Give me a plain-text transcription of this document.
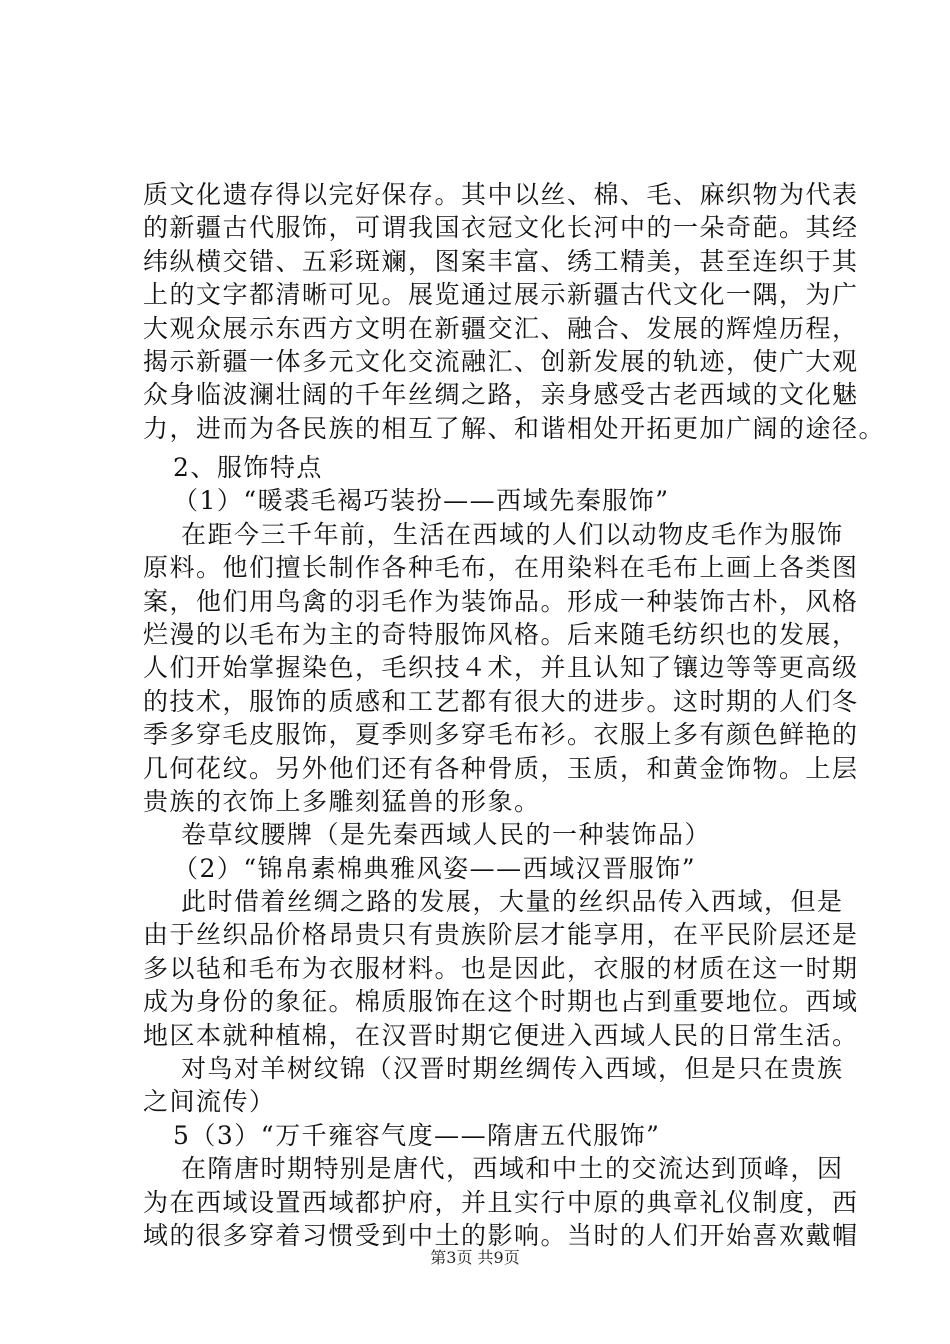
质文化遗存得以完好保存。其中以丝、棉、毛、麻织物为代表
的新疆古代服饰，可谓我国衣冠文化长河中的一朵奇葩。其经
纬纵横交错、五彩斑斓，图案丰富、绣工精美，甚至连织于其
上的文字都清晰可见。展览通过展示新疆古代文化一隅，为广
大观众展示东西方文明在新疆交汇、融合、发展的辉煌历程，
揭示新疆一体多元文化交流融汇、创新发展的轨迹，使广大观
众身临波澜壮阔的千年丝绸之路，亲身感受古老西域的文化魅
力，进而为各民族的相互了解、和谐相处开拓更加广阔的途径。
2、服饰特点
（1）“暖裘毛褐巧装扮——西域先秦服饰”
在距今三千年前，生活在西域的人们以动物皮毛作为服饰
原料。他们擅长制作各种毛布，在用染料在毛布上画上各类图
案，他们用鸟禽的羽毛作为装饰品。形成一种装饰古朴，风格
烂漫的以毛布为主的奇特服饰风格。后来随毛纺织也的发展，
人们开始掌握染色，毛织技４术，并且认知了镶边等等更高级
的技术，服饰的质感和工艺都有很大的进步。这时期的人们冬
季多穿毛皮服饰，夏季则多穿毛布衫。衣服上多有颜色鲜艳的
几何花纹。另外他们还有各种骨质，玉质，和黄金饰物。上层
贵族的衣饰上多雕刻猛兽的形象。
卷草纹腰牌（是先秦西域人民的一种装饰品）
（2）“锦帛素棉典雅风姿——西域汉晋服饰”
此时借着丝绸之路的发展，大量的丝织品传入西域，但是
由于丝织品价格昂贵只有贵族阶层才能享用，在平民阶层还是
多以毡和毛布为衣服材料。也是因此，衣服的材质在这一时期
成为身份的象征。棉质服饰在这个时期也占到重要地位。西域
地区本就种植棉，在汉晋时期它便进入西域人民的日常生活。
对鸟对羊树纹锦（汉晋时期丝绸传入西域，但是只在贵族
之间流传）
5（3）“万千雍容气度——隋唐五代服饰”
在隋唐时期特别是唐代，西域和中土的交流达到顶峰，因
为在西域设置西域都护府，并且实行中原的典章礼仪制度，西
域的很多穿着习惯受到中土的影响。当时的人们开始喜欢戴帽
第3页 共9页
